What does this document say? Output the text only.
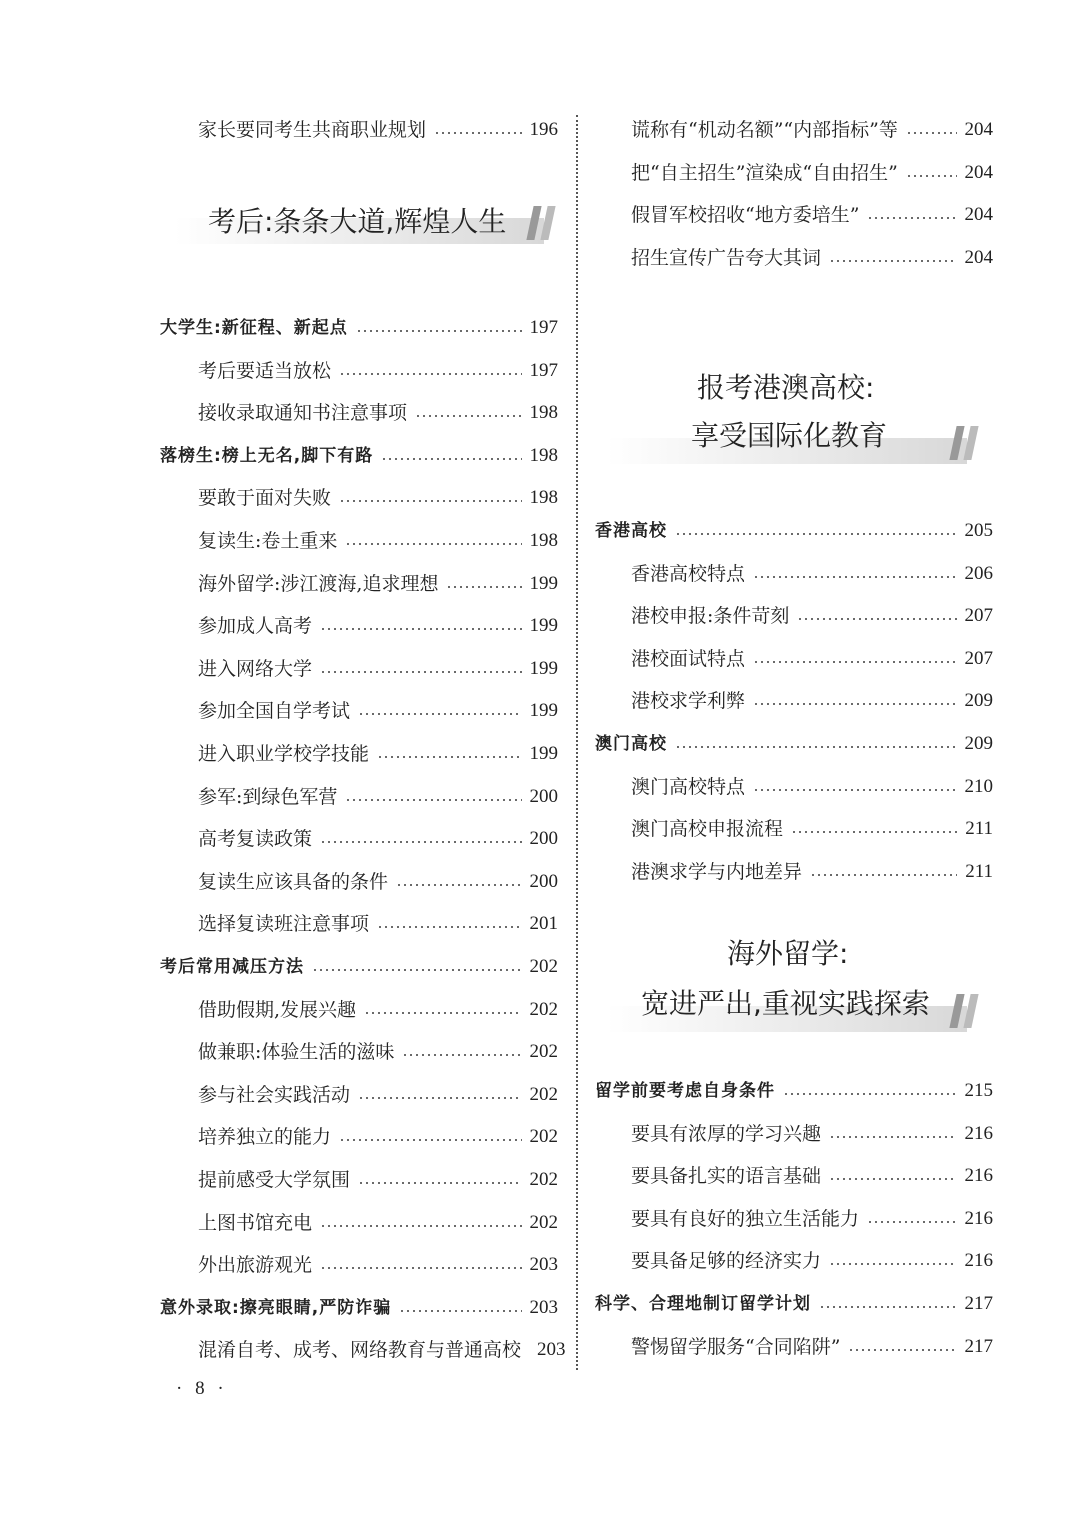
家长要同考生共商职业规划	196
考后:条条大道,辉煌人生
大学生:新征程、新起点	197
考后要适当放松	197
接收录取通知书注意事项	198
落榜生:榜上无名,脚下有路	198
要敢于面对失败	198
复读生:卷土重来	198
海外留学:涉江渡海,追求理想	199
参加成人高考	199
进入网络大学	199
参加全国自学考试	199
进入职业学校学技能	199
参军:到绿色军营	200
高考复读政策	200
复读生应该具备的条件	200
选择复读班注意事项	201
考后常用减压方法	202
借助假期,发展兴趣	202
做兼职:体验生活的滋味	202
参与社会实践活动	202
培养独立的能力	202
提前感受大学氛围	202
上图书馆充电	202
外出旅游观光	203
意外录取:擦亮眼睛,严防诈骗	203
混淆自考、成考、网络教育与普通高校 203
谎称有“机动名额”“内部指标”等	204
把“自主招生”渲染成“自由招生”	204
假冒军校招收“地方委培生”	204
招生宣传广告夸大其词	204
报考港澳高校:
享受国际化教育
香港高校	205
香港高校特点	206
港校申报:条件苛刻	207
港校面试特点	207
港校求学利弊	209
澳门高校	209
澳门高校特点	210
澳门高校申报流程	211
港澳求学与内地差异	211
海外留学:
宽进严出,重视实践探索
留学前要考虑自身条件	215
要具有浓厚的学习兴趣	216
要具备扎实的语言基础	216
要具有良好的独立生活能力	216
要具备足够的经济实力	216
科学、合理地制订留学计划	217
警惕留学服务“合同陷阱”	217
· 8 ·
